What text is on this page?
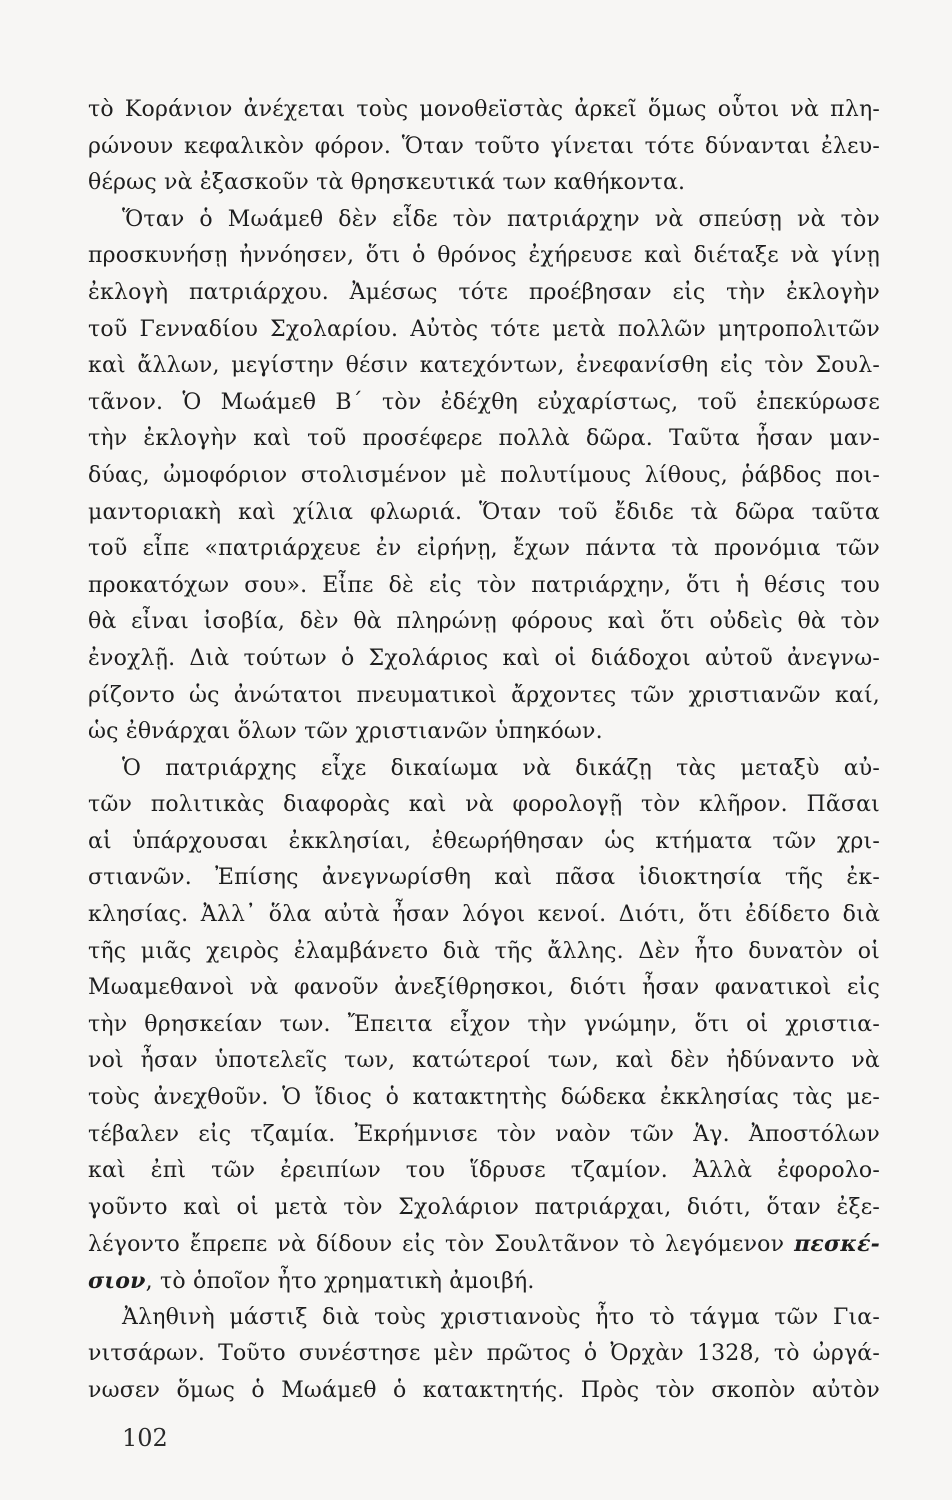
τὸ Κοράνιον ἀνέχεται τοὺς μονοθεϊστὰς ἀρκεῖ ὅμως οὗτοι νὰ πλη-
ρώνουν κεφαλικὸν φόρον. Ὅταν τοῦτο γίνεται τότε δύνανται ἐλευ-
θέρως νὰ ἐξασκοῦν τὰ θρησκευτικά των καθήκοντα.
Ὅταν ὁ Μωάμεθ δὲν εἶδε τὸν πατριάρχην νὰ σπεύσῃ νὰ τὸν
προσκυνήσῃ ἠννόησεν, ὅτι ὁ θρόνος ἐχήρευσε καὶ διέταξε νὰ γίνῃ
ἐκλογὴ πατριάρχου. Ἀμέσως τότε προέβησαν εἰς τὴν ἐκλογὴν
τοῦ Γενναδίου Σχολαρίου. Αὐτὸς τότε μετὰ πολλῶν μητροπολιτῶν
καὶ ἄλλων, μεγίστην θέσιν κατεχόντων, ἐνεφανίσθη εἰς τὸν Σουλ-
τᾶνον. Ὁ Μωάμεθ Β΄ τὸν ἐδέχθη εὐχαρίστως, τοῦ ἐπεκύρωσε
τὴν ἐκλογὴν καὶ τοῦ προσέφερε πολλὰ δῶρα. Ταῦτα ἦσαν μαν-
δύας, ὠμοφόριον στολισμένον μὲ πολυτίμους λίθους, ῥάβδος ποι-
μαντοριακὴ καὶ χίλια φλωριά. Ὅταν τοῦ ἔδιδε τὰ δῶρα ταῦτα
τοῦ εἶπε «πατριάρχευε ἐν εἰρήνῃ, ἔχων πάντα τὰ προνόμια τῶν
προκατόχων σου». Εἶπε δὲ εἰς τὸν πατριάρχην, ὅτι ἡ θέσις του
θὰ εἶναι ἰσοβία, δὲν θὰ πληρώνῃ φόρους καὶ ὅτι οὐδεὶς θὰ τὸν
ἐνοχλῇ. Διὰ τούτων ὁ Σχολάριος καὶ οἱ διάδοχοι αὐτοῦ ἀνεγνω-
ρίζοντο ὡς ἀνώτατοι πνευματικοὶ ἄρχοντες τῶν χριστιανῶν καί,
ὡς ἐθνάρχαι ὅλων τῶν χριστιανῶν ὑπηκόων.
Ὁ πατριάρχης εἶχε δικαίωμα νὰ δικάζῃ τὰς μεταξὺ αὐ-
τῶν πολιτικὰς διαφορὰς καὶ νὰ φορολογῇ τὸν κλῆρον. Πᾶσαι
αἱ ὑπάρχουσαι ἐκκλησίαι, ἐθεωρήθησαν ὡς κτήματα τῶν χρι-
στιανῶν. Ἐπίσης ἀνεγνωρίσθη καὶ πᾶσα ἰδιοκτησία τῆς ἐκ-
κλησίας. Ἀλλ᾽ ὅλα αὐτὰ ἦσαν λόγοι κενοί. Διότι, ὅτι ἐδίδετο διὰ
τῆς μιᾶς χειρὸς ἐλαμβάνετο διὰ τῆς ἄλλης. Δὲν ἦτο δυνατὸν οἱ
Μωαμεθανοὶ νὰ φανοῦν ἀνεξίθρησκοι, διότι ἦσαν φανατικοὶ εἰς
τὴν θρησκείαν των. Ἔπειτα εἶχον τὴν γνώμην, ὅτι οἱ χριστια-
νοὶ ἦσαν ὑποτελεῖς των, κατώτεροί των, καὶ δὲν ἠδύναντο νὰ
τοὺς ἀνεχθοῦν. Ὁ ἴδιος ὁ κατακτητὴς δώδεκα ἐκκλησίας τὰς με-
τέβαλεν εἰς τζαμία. Ἐκρήμνισε τὸν ναὸν τῶν Ἁγ. Ἀποστόλων
καὶ ἐπὶ τῶν ἐρειπίων του ἵδρυσε τζαμίον. Ἀλλὰ ἐφορολο-
γοῦντο καὶ οἱ μετὰ τὸν Σχολάριον πατριάρχαι, διότι, ὅταν ἐξε-
λέγοντο ἔπρεπε νὰ δίδουν εἰς τὸν Σουλτᾶνον τὸ λεγόμενον πεσκέ-
σιον, τὸ ὁποῖον ἦτο χρηματικὴ ἀμοιβή.
Ἀληθινὴ μάστιξ διὰ τοὺς χριστιανοὺς ἦτο τὸ τάγμα τῶν Για-
νιτσάρων. Τοῦτο συνέστησε μὲν πρῶτος ὁ Ὀρχὰν 1328, τὸ ὠργά-
νωσεν ὅμως ὁ Μωάμεθ ὁ κατακτητής. Πρὸς τὸν σκοπὸν αὐτὸν
102
